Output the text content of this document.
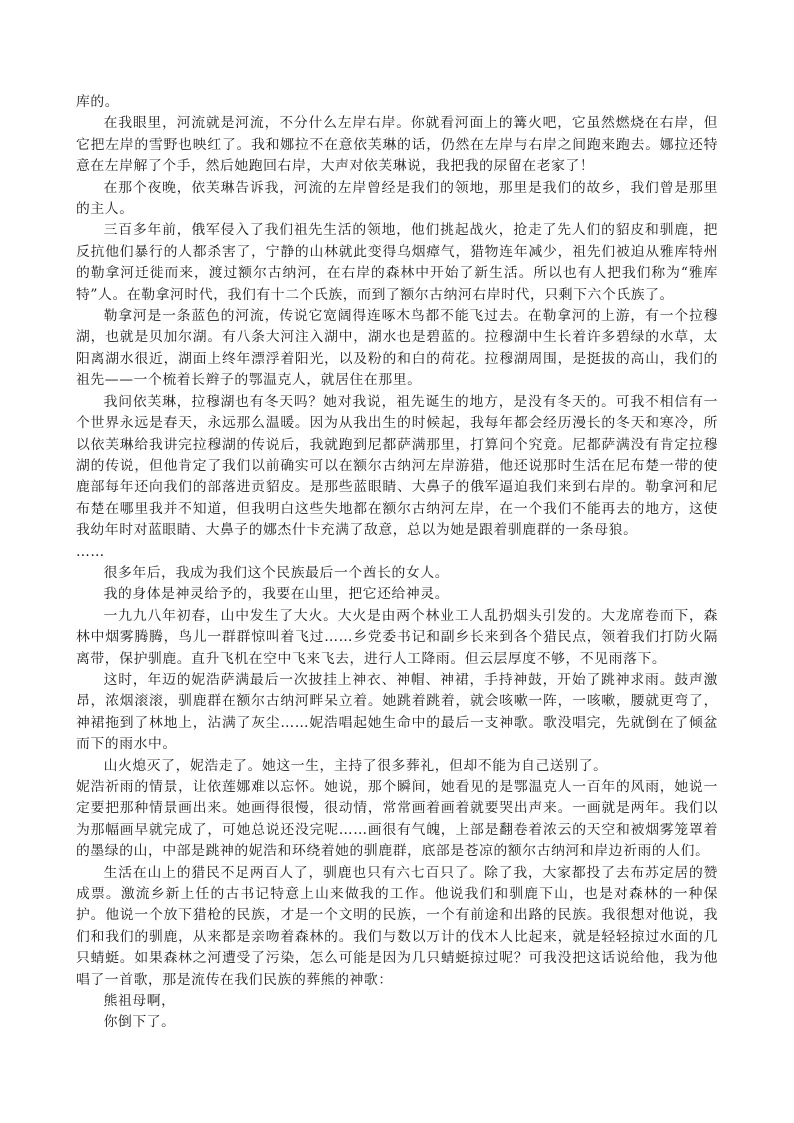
库的。

在我眼里，河流就是河流，不分什么左岸右岸。你就看河面上的篝火吧，它虽然燃烧在右岸，但它把左岸的雪野也映红了。我和娜拉不在意依芙琳的话，仍然在左岸与右岸之间跑来跑去。娜拉还特意在左岸解了个手，然后她跑回右岸，大声对依芙琳说，我把我的尿留在老家了！

在那个夜晚，依芙琳告诉我，河流的左岸曾经是我们的领地，那里是我们的故乡，我们曾是那里的主人。

三百多年前，俄军侵入了我们祖先生活的领地，他们挑起战火，抢走了先人们的貂皮和驯鹿，把反抗他们暴行的人都杀害了，宁静的山林就此变得乌烟瘴气，猎物连年减少，祖先们被迫从雅库特州的勒拿河迁徙而来，渡过额尔古纳河，在右岸的森林中开始了新生活。所以也有人把我们称为“雅库特”人。在勒拿河时代，我们有十二个氏族，而到了额尔古纳河右岸时代，只剩下六个氏族了。

勒拿河是一条蓝色的河流，传说它宽阔得连啄木鸟都不能飞过去。在勒拿河的上游，有一个拉穆湖，也就是贝加尔湖。有八条大河注入湖中，湖水也是碧蓝的。拉穆湖中生长着许多碧绿的水草，太阳离湖水很近，湖面上终年漂浮着阳光，以及粉的和白的荷花。拉穆湖周围，是挺拔的高山，我们的祖先——一个梳着长辫子的鄂温克人，就居住在那里。

我问依芙琳，拉穆湖也有冬天吗？她对我说，祖先诞生的地方，是没有冬天的。可我不相信有一个世界永远是春天，永远那么温暖。因为从我出生的时候起，我每年都会经历漫长的冬天和寒冷，所以依芙琳给我讲完拉穆湖的传说后，我就跑到尼都萨满那里，打算问个究竟。尼都萨满没有肯定拉穆湖的传说，但他肯定了我们以前确实可以在额尔古纳河左岸游猎，他还说那时生活在尼布楚一带的使鹿部每年还向我们的部落进贡貂皮。是那些蓝眼睛、大鼻子的俄军逼迫我们来到右岸的。勒拿河和尼布楚在哪里我并不知道，但我明白这些失地都在额尔古纳河左岸，在一个我们不能再去的地方，这使我幼年时对蓝眼睛、大鼻子的娜杰什卡充满了敌意，总以为她是跟着驯鹿群的一条母狼。

……

很多年后，我成为我们这个民族最后一个酋长的女人。

我的身体是神灵给予的，我要在山里，把它还给神灵。

一九九八年初春，山中发生了大火。大火是由两个林业工人乱扔烟头引发的。大龙席卷而下，森林中烟雾腾腾，鸟儿一群群惊叫着飞过……乡党委书记和副乡长来到各个猎民点，领着我们打防火隔离带，保护驯鹿。直升飞机在空中飞来飞去，进行人工降雨。但云层厚度不够，不见雨落下。

这时，年迈的妮浩萨满最后一次披挂上神衣、神帽、神裙，手持神鼓，开始了跳神求雨。鼓声激昂，浓烟滚滚，驯鹿群在额尔古纳河畔呆立着。她跳着跳着，就会咳嗽一阵，一咳嗽，腰就更弯了，神裙拖到了林地上，沾满了灰尘……妮浩唱起她生命中的最后一支神歌。歌没唱完，先就倒在了倾盆而下的雨水中。

山火熄灭了，妮浩走了。她这一生，主持了很多葬礼，但却不能为自己送别了。

妮浩祈雨的情景，让依莲娜难以忘怀。她说，那个瞬间，她看见的是鄂温克人一百年的风雨，她说一定要把那种情景画出来。她画得很慢，很动情，常常画着画着就要哭出声来。一画就是两年。我们以为那幅画早就完成了，可她总说还没完呢……画很有气魄，上部是翻卷着浓云的天空和被烟雾笼罩着的墨绿的山，中部是跳神的妮浩和环绕着她的驯鹿群，底部是苍凉的额尔古纳河和岸边祈雨的人们。

生活在山上的猎民不足两百人了，驯鹿也只有六七百只了。除了我，大家都投了去布苏定居的赞成票。激流乡新上任的古书记特意上山来做我的工作。他说我们和驯鹿下山，也是对森林的一种保护。他说一个放下猎枪的民族，才是一个文明的民族，一个有前途和出路的民族。我很想对他说，我们和我们的驯鹿，从来都是亲吻着森林的。我们与数以万计的伐木人比起来，就是轻轻掠过水面的几只蜻蜓。如果森林之河遭受了污染，怎么可能是因为几只蜻蜓掠过呢？可我没把这话说给他，我为他唱了一首歌，那是流传在我们民族的葬熊的神歌：

熊祖母啊，

你倒下了。
